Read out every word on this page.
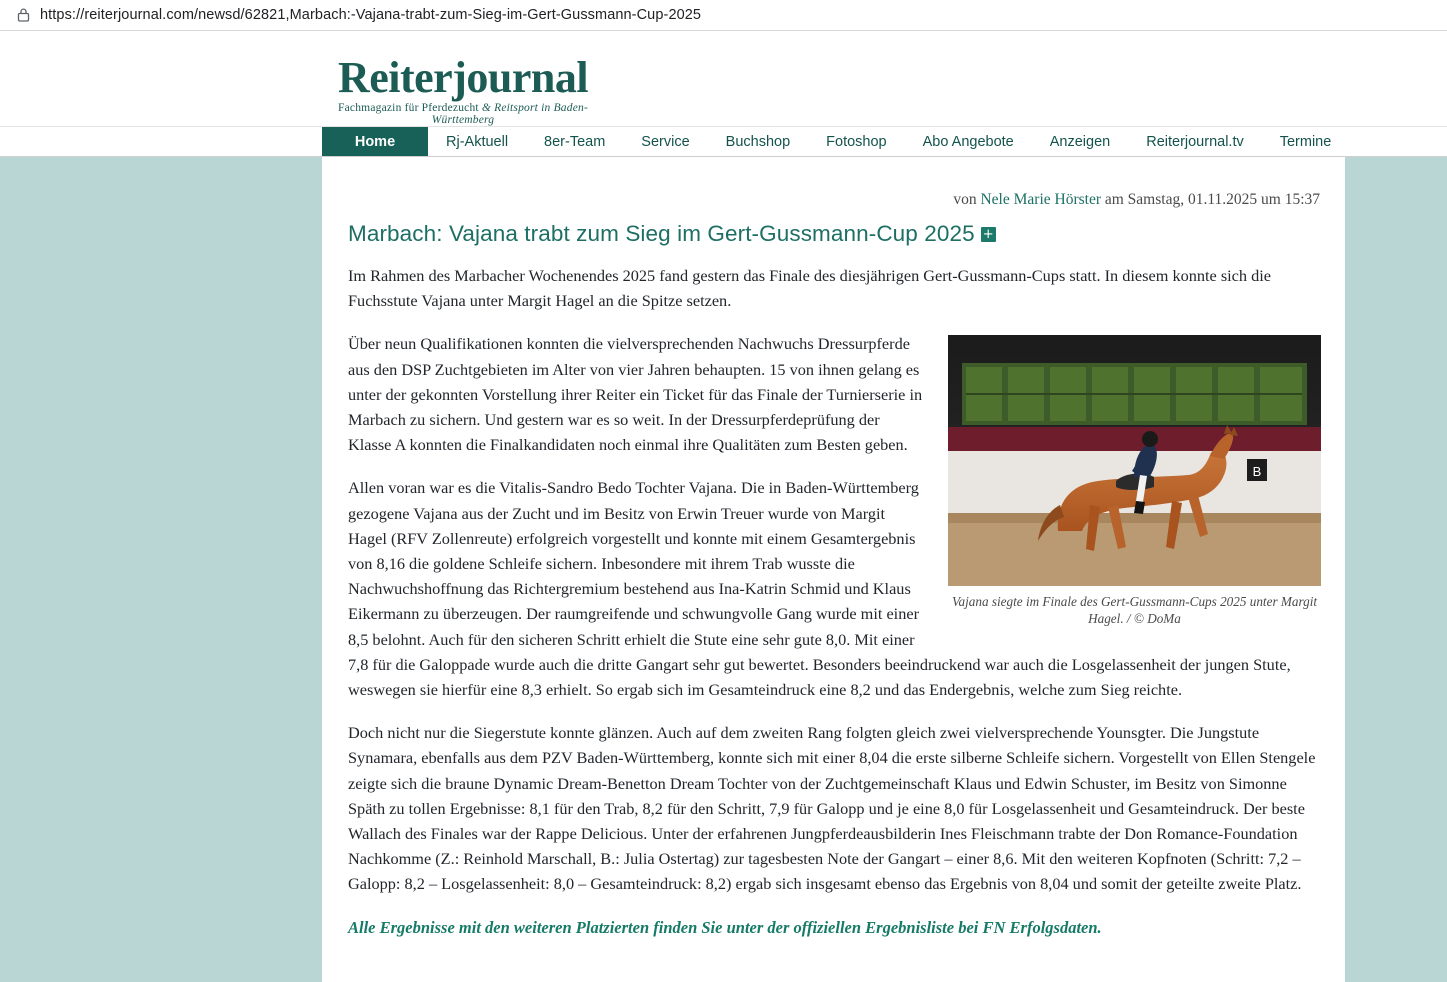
https://reiterjournal.com/newsd/62821,Marbach:-Vajana-trabt-zum-Sieg-im-Gert-Gussmann-Cup-2025
Reiterjournal
Fachmagazin für Pferdezucht & Reitsport in Baden-Württemberg
Home	Rj-Aktuell	8er-Team	Service	Buchshop	Fotoshop	Abo Angebote	Anzeigen	Reiterjournal.tv	Termine
von Nele Marie Hörster am Samstag, 01.11.2025 um 15:37
Marbach: Vajana trabt zum Sieg im Gert-Gussmann-Cup 2025 +

Im Rahmen des Marbacher Wochenendes 2025 fand gestern das Finale des diesjährigen Gert-Gussmann-Cups statt. In diesem konnte sich die Fuchsstute Vajana unter Margit Hagel an die Spitze setzen.

B
Vajana siegte im Finale des Gert-Gussmann-Cups 2025 unter Margit Hagel. / © DoMa

Über neun Qualifikationen konnten die vielversprechenden Nachwuchs Dressurpferde aus den DSP Zuchtgebieten im Alter von vier Jahren behaupten. 15 von ihnen gelang es unter der gekonnten Vorstellung ihrer Reiter ein Ticket für das Finale der Turnierserie in Marbach zu sichern. Und gestern war es so weit. In der Dressurpferdeprüfung der Klasse A konnten die Finalkandidaten noch einmal ihre Qualitäten zum Besten geben.

Allen voran war es die Vitalis-Sandro Bedo Tochter Vajana. Die in Baden-Württemberg gezogene Vajana aus der Zucht und im Besitz von Erwin Treuer wurde von Margit Hagel (RFV Zollenreute) erfolgreich vorgestellt und konnte mit einem Gesamtergebnis von 8,16 die goldene Schleife sichern. Inbesondere mit ihrem Trab wusste die Nachwuchshoffnung das Richtergremium bestehend aus Ina-Katrin Schmid und Klaus Eikermann zu überzeugen. Der raumgreifende und schwungvolle Gang wurde mit einer 8,5 belohnt. Auch für den sicheren Schritt erhielt die Stute eine sehr gute 8,0. Mit einer 7,8 für die Galoppade wurde auch die dritte Gangart sehr gut bewertet. Besonders beeindruckend war auch die Losgelassenheit der jungen Stute, weswegen sie hierfür eine 8,3 erhielt. So ergab sich im Gesamteindruck eine 8,2 und das Endergebnis, welche zum Sieg reichte.

Doch nicht nur die Siegerstute konnte glänzen. Auch auf dem zweiten Rang folgten gleich zwei vielversprechende Younsgter. Die Jungstute Synamara, ebenfalls aus dem PZV Baden-Württemberg, konnte sich mit einer 8,04 die erste silberne Schleife sichern. Vorgestellt von Ellen Stengele zeigte sich die braune Dynamic Dream-Benetton Dream Tochter von der Zuchtgemeinschaft Klaus und Edwin Schuster, im Besitz von Simonne Späth zu tollen Ergebnisse: 8,1 für den Trab, 8,2 für den Schritt, 7,9 für Galopp und je eine 8,0 für Losgelassenheit und Gesamteindruck. Der beste Wallach des Finales war der Rappe Delicious. Unter der erfahrenen Jungpferdeausbilderin Ines Fleischmann trabte der Don Romance-Foundation Nachkomme (Z.: Reinhold Marschall, B.: Julia Ostertag) zur tagesbesten Note der Gangart – einer 8,6. Mit den weiteren Kopfnoten (Schritt: 7,2 – Galopp: 8,2 – Losgelassenheit: 8,0 – Gesamteindruck: 8,2) ergab sich insgesamt ebenso das Ergebnis von 8,04 und somit der geteilte zweite Platz.

Alle Ergebnisse mit den weiteren Platzierten finden Sie unter der offiziellen Ergebnisliste bei FN Erfolgsdaten.
